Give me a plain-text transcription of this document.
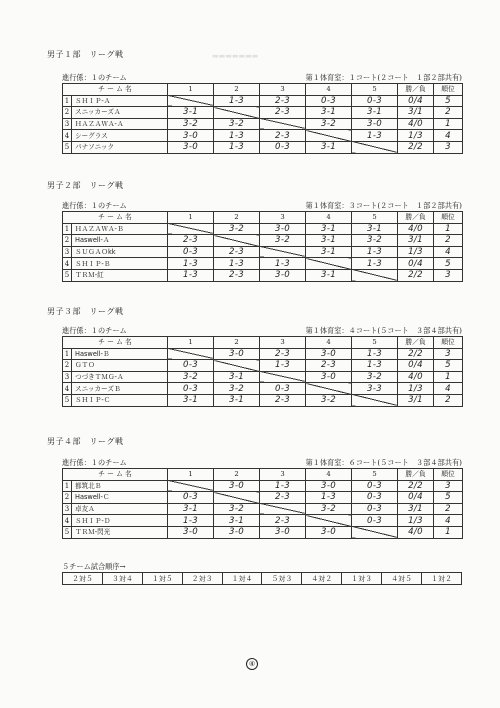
▬▬▬▬▬▬▬
男子１部　リーグ戦
進行係：１のチーム	第１体育室：１コート(２コート　１部２部共有)
チ ー ム 名		1	2	3	4	5	勝／負	順位
1	ＳＨＩＰ-Ａ		1-3	2-3	0-3	0-3	0/4	5
2	スニッカーズＡ	3-1		2-3	3-1	3-1	3/1	2
3	ＨＡＺＡＷＡ-Ａ	3-2	3-2		3-2	3-0	4/0	1
4	シーグラス	3-0	1-3	2-3		1-3	1/3	4
5	パナソニック	3-0	1-3	0-3	3-1		2/2	3
男子２部　リーグ戦
進行係：１のチーム	第１体育室：３コート(２コート　１部２部共有)
チ ー ム 名		1	2	3	4	5	勝／負	順位
1	ＨＡＺＡＷＡ-Ｂ		3-2	3-0	3-1	3-1	4/0	1
2	Haswell-Ａ	2-3		3-2	3-1	3-2	3/1	2
3	ＳＵＧＡＯkk	0-3	2-3		3-1	1-3	1/3	4
4	ＳＨＩＰ-Ｂ	1-3	1-3	1-3		1-3	0/4	5
5	ＴＲＭ-紅	1-3	2-3	3-0	3-1		2/2	3
男子３部　リーグ戦
進行係：１のチーム	第１体育室：４コート(５コート　３部４部共有)
チ ー ム 名		1	2	3	4	5	勝／負	順位
1	Haswell-Ｂ		3-0	2-3	3-0	1-3	2/2	3
2	ＧＴＯ	0-3		1-3	2-3	1-3	0/4	5
3	つづきＴＭＧ-Ａ	3-2	3-1		3-0	3-2	4/0	1
4	スニッカーズＢ	0-3	3-2	0-3		3-3	1/3	4
5	ＳＨＩＰ-Ｃ	3-1	3-1	2-3	3-2		3/1	2
男子４部　リーグ戦
進行係：１のチーム	第１体育室：６コート(５コート　３部４部共有)
チ ー ム 名		1	2	3	4	5	勝／負	順位
1	都筑北Ｂ		3-0	1-3	3-0	0-3	2/2	3
2	Haswell-Ｃ	0-3		2-3	1-3	0-3	0/4	5
3	卓友Ａ	3-1	3-2		3-2	0-3	3/1	2
4	ＳＨＩＰ-Ｄ	1-3	3-1	2-3		0-3	1/3	4
5	ＴＲＭ-閃光	3-0	3-0	3-0	3-0		4/0	1
５チーム試合順序→
２対５	３対４	１対５	２対３	１対４	５対３	４対２	１対３	４対５	１対２
④
